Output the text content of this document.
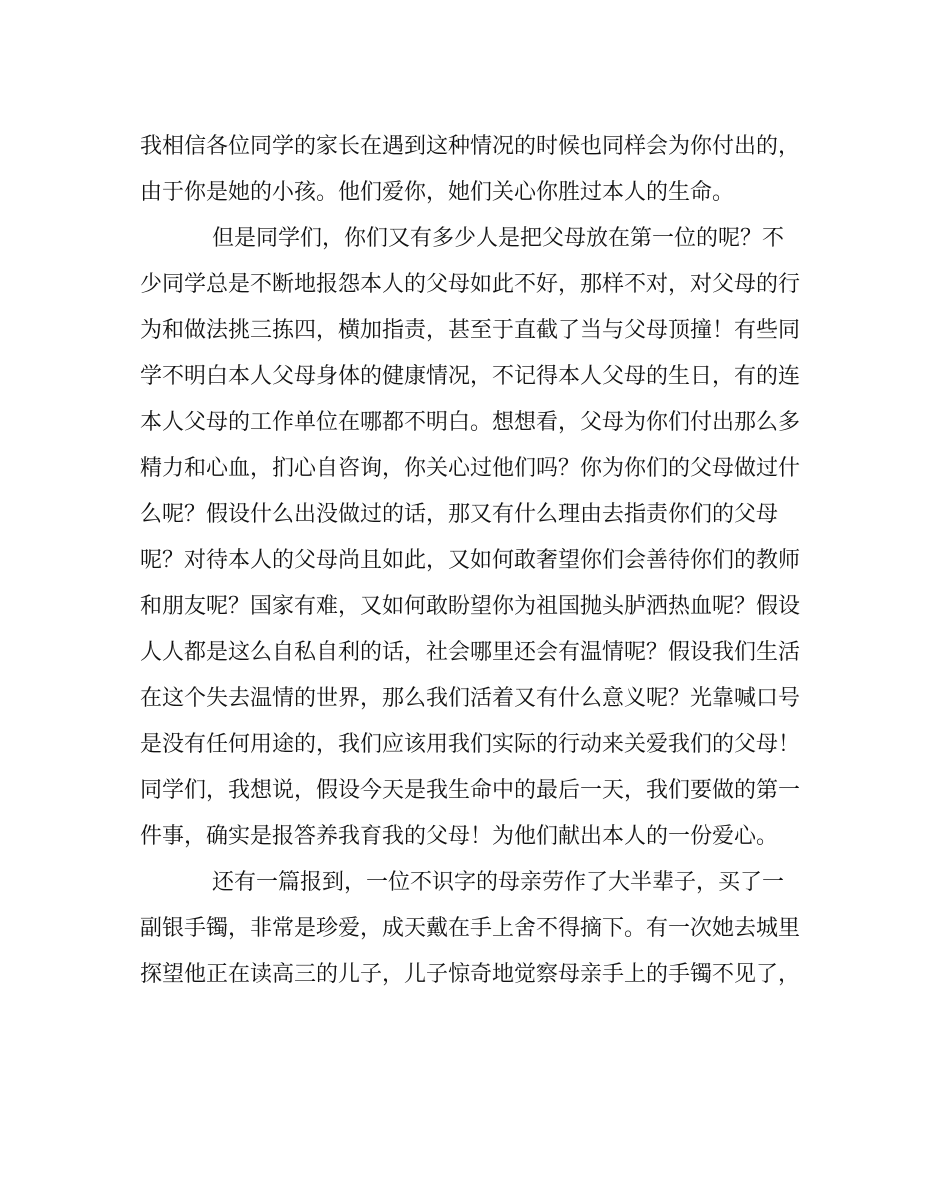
我相信各位同学的家长在遇到这种情况的时候也同样会为你付出的，
由于你是她的小孩。他们爱你，她们关心你胜过本人的生命。
但是同学们，你们又有多少人是把父母放在第一位的呢？不
少同学总是不断地报怨本人的父母如此不好，那样不对，对父母的行
为和做法挑三拣四，横加指责，甚至于直截了当与父母顶撞！有些同
学不明白本人父母身体的健康情况，不记得本人父母的生日，有的连
本人父母的工作单位在哪都不明白。想想看，父母为你们付出那么多
精力和心血，扪心自咨询，你关心过他们吗？你为你们的父母做过什
么呢？假设什么出没做过的话，那又有什么理由去指责你们的父母
呢？对待本人的父母尚且如此，又如何敢奢望你们会善待你们的教师
和朋友呢？国家有难，又如何敢盼望你为祖国抛头胪洒热血呢？假设
人人都是这么自私自利的话，社会哪里还会有温情呢？假设我们生活
在这个失去温情的世界，那么我们活着又有什么意义呢？光靠喊口号
是没有任何用途的，我们应该用我们实际的行动来关爱我们的父母！
同学们，我想说，假设今天是我生命中的最后一天，我们要做的第一
件事，确实是报答养我育我的父母！为他们献出本人的一份爱心。
还有一篇报到，一位不识字的母亲劳作了大半辈子，买了一
副银手镯，非常是珍爱，成天戴在手上舍不得摘下。有一次她去城里
探望他正在读高三的儿子，儿子惊奇地觉察母亲手上的手镯不见了，
